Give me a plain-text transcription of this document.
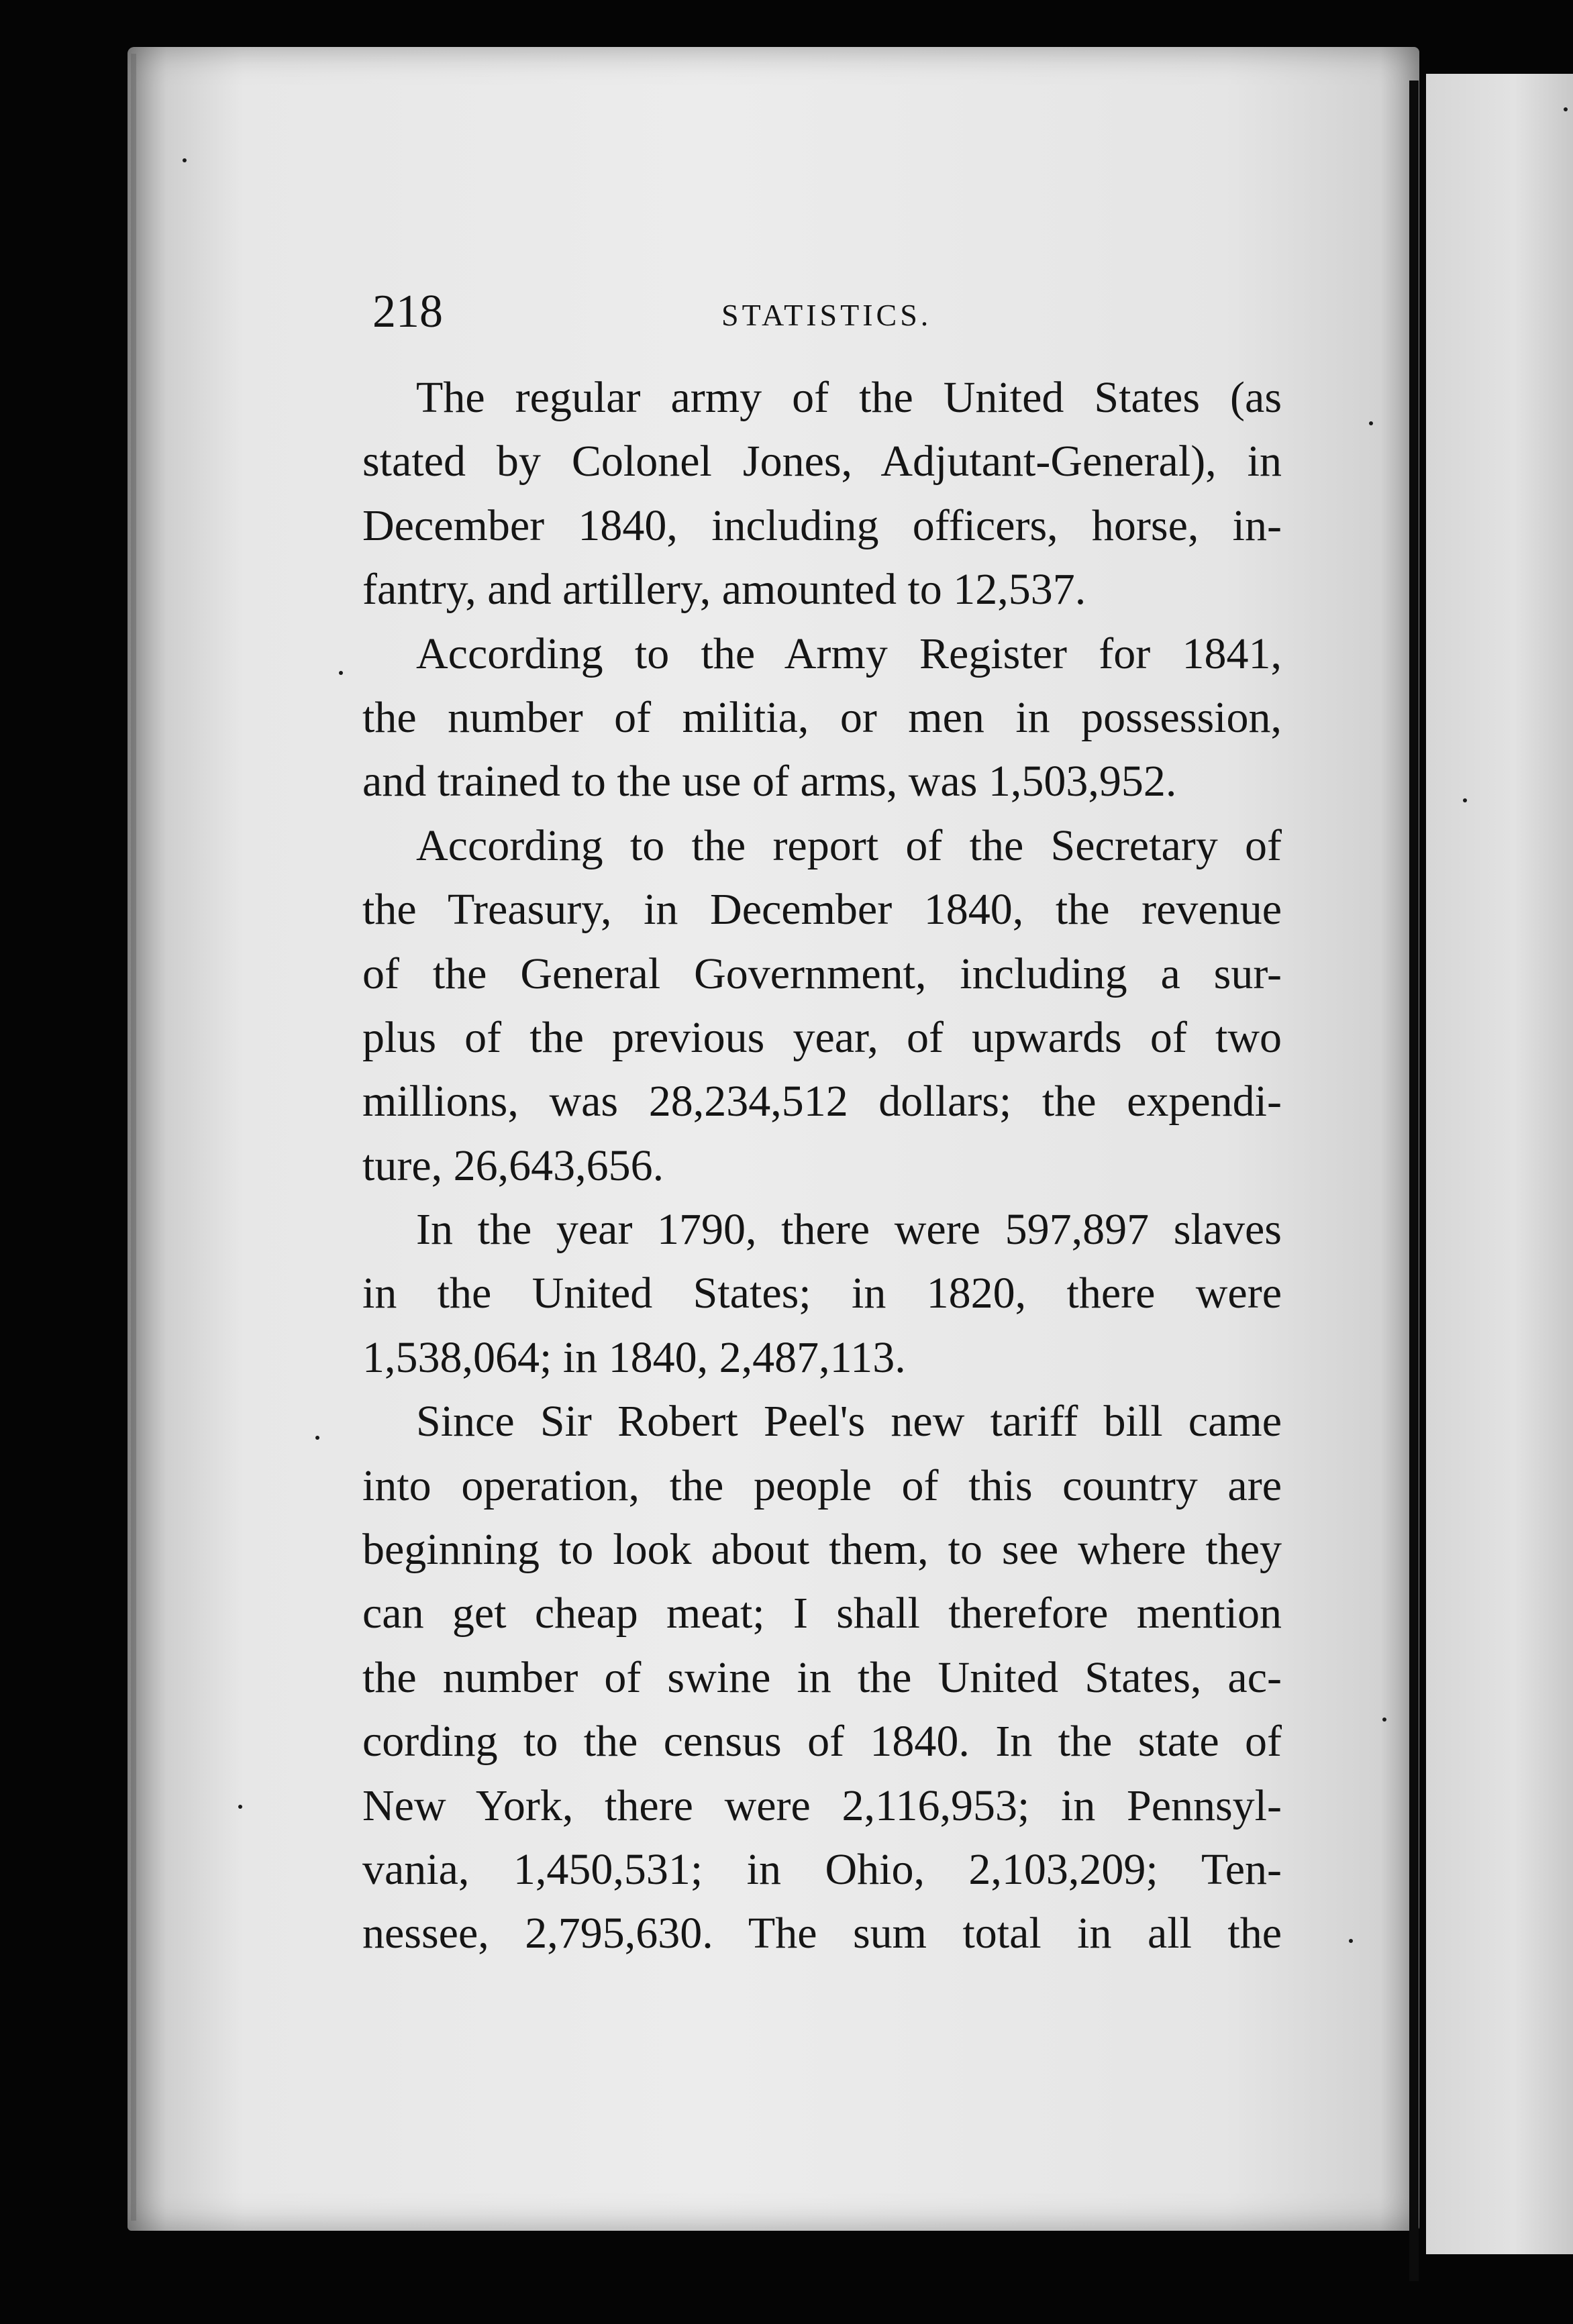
218	STATISTICS.
The regular army of the United States (as
stated by Colonel Jones, Adjutant-General), in
December 1840, including officers, horse, in-
fantry, and artillery, amounted to 12,537.
According to the Army Register for 1841,
the number of militia, or men in possession,
and trained to the use of arms, was 1,503,952.
According to the report of the Secretary of
the Treasury, in December 1840, the revenue
of the General Government, including a sur-
plus of the previous year, of upwards of two
millions, was 28,234,512 dollars; the expendi-
ture, 26,643,656.
In the year 1790, there were 597,897 slaves
in the United States; in 1820, there were
1,538,064; in 1840, 2,487,113.
Since Sir Robert Peel's new tariff bill came
into operation, the people of this country are
beginning to look about them, to see where they
can get cheap meat; I shall therefore mention
the number of swine in the United States, ac-
cording to the census of 1840. In the state of
New York, there were 2,116,953; in Pennsyl-
vania, 1,450,531; in Ohio, 2,103,209; Ten-
nessee, 2,795,630. The sum total in all the
